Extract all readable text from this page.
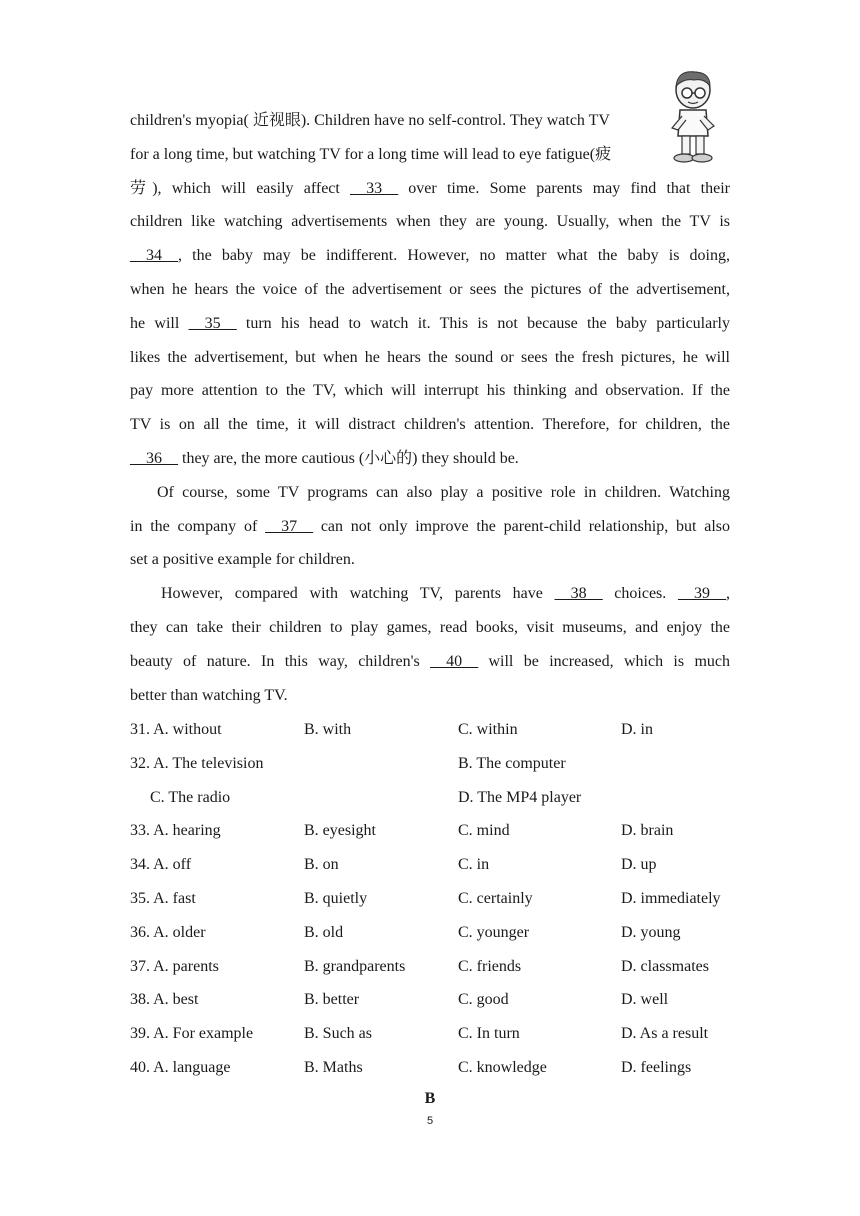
children's myopia( 近视眼). Children have no self-control. They watch TV
for a long time, but watching TV for a long time will lead to eye fatigue(疲
劳), which will easily affect __33__ over time. Some parents may find that their
children like watching advertisements when they are young. Usually, when the TV is
__34__, the baby may be indifferent. However, no matter what the baby is doing,
when he hears the voice of the advertisement or sees the pictures of the advertisement,
he will __35__ turn his head to watch it. This is not because the baby particularly
likes the advertisement, but when he hears the sound or sees the fresh pictures, he will
pay more attention to the TV, which will interrupt his thinking and observation. If the
TV is on all the time, it will distract children's attention. Therefore, for children, the
__36__ they are, the more cautious (小心的) they should be.
Of course, some TV programs can also play a positive role in children. Watching
in the company of __37__ can not only improve the parent-child relationship, but also
set a positive example for children.
However, compared with watching TV, parents have __38__ choices. __39__,
they can take their children to play games, read books, visit museums, and enjoy the
beauty of nature. In this way, children's __40__ will be increased, which is much
better than watching TV.
31. A. without	B. with	C. within	D. in
32. A. The television	B. The computer
C. The radio	D. The MP4 player
33. A. hearing	B. eyesight	C. mind	D. brain
34. A. off	B. on	C. in	D. up
35. A. fast	B. quietly	C. certainly	D. immediately
36. A. older	B. old	C. younger	D. young
37. A. parents	B. grandparents	C. friends	D. classmates
38. A. best	B. better	C. good	D. well
39. A. For example	B. Such as	C. In turn	D. As a result
40. A. language	B. Maths	C. knowledge	D. feelings
B
5
